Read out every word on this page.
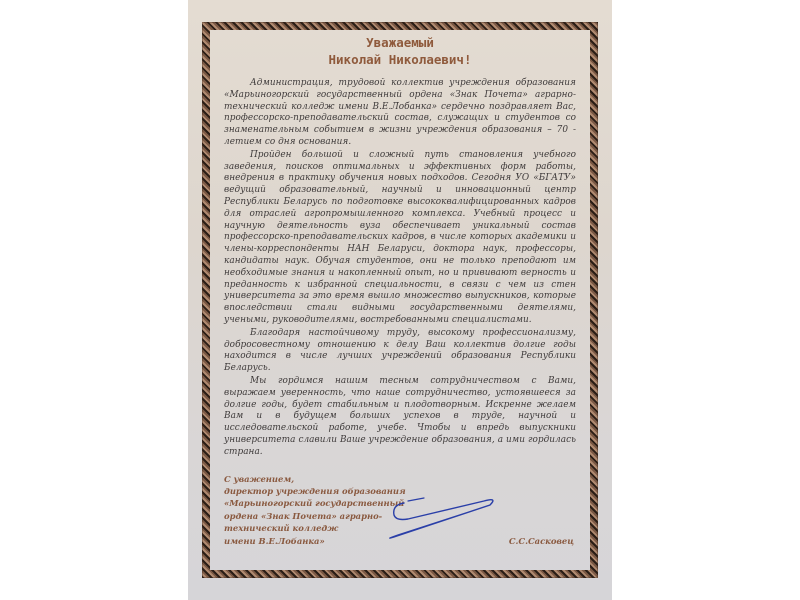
Уважаемый
Николай Николаевич!

Администрация, трудовой коллектив учреждения образования «Марьиногорский государственный ордена «Знак Почета» аграрно-технический колледж имени В.Е.Лобанка» сердечно поздравляет Вас, профессорско-преподавательский состав, служащих и студентов со знаменательным событием в жизни учреждения образования – 70 - летием со дня основания.

Пройден большой и сложный путь становления учебного заведения, поисков оптимальных и эффективных форм работы, внедрения в практику обучения новых подходов. Сегодня УО «БГАТУ» ведущий образовательный, научный и инновационный центр Республики Беларусь по подготовке высококвалифицированных кадров для отраслей агропромышленного комплекса. Учебный процесс и научную деятельность вуза обеспечивает уникальный состав профессорско-преподавательских кадров, в числе которых академики и члены-корреспонденты НАН Беларуси, доктора наук, профессоры, кандидаты наук. Обучая студентов, они не только преподают им необходимые знания и накопленный опыт, но и прививают верность и преданность к избранной специальности, в связи с чем из стен университета за это время вышло множество выпускников, которые впоследствии стали видными государственными деятелями, учеными, руководителями, востребованными специалистами.

Благодаря настойчивому труду, высокому профессионализму, добросовестному отношению к делу Ваш коллектив долгие годы находится в числе лучших учреждений образования Республики Беларусь.

Мы гордимся нашим тесным сотрудничеством с Вами, выражаем уверенность, что наше сотрудничество, устоявшееся за долгие годы, будет стабильным и плодотворным. Искренне желаем Вам и в будущем больших успехов в труде, научной и исследовательской работе, учебе. Чтобы и впредь выпускники университета славили Ваше учреждение образования, а ими гордилась страна.

С уважением,
директор учреждения образования
«Марьиногорский государственный
ордена «Знак Почета» аграрно-
технический колледж
имени В.Е.Лобанка»	С.С.Сасковец
